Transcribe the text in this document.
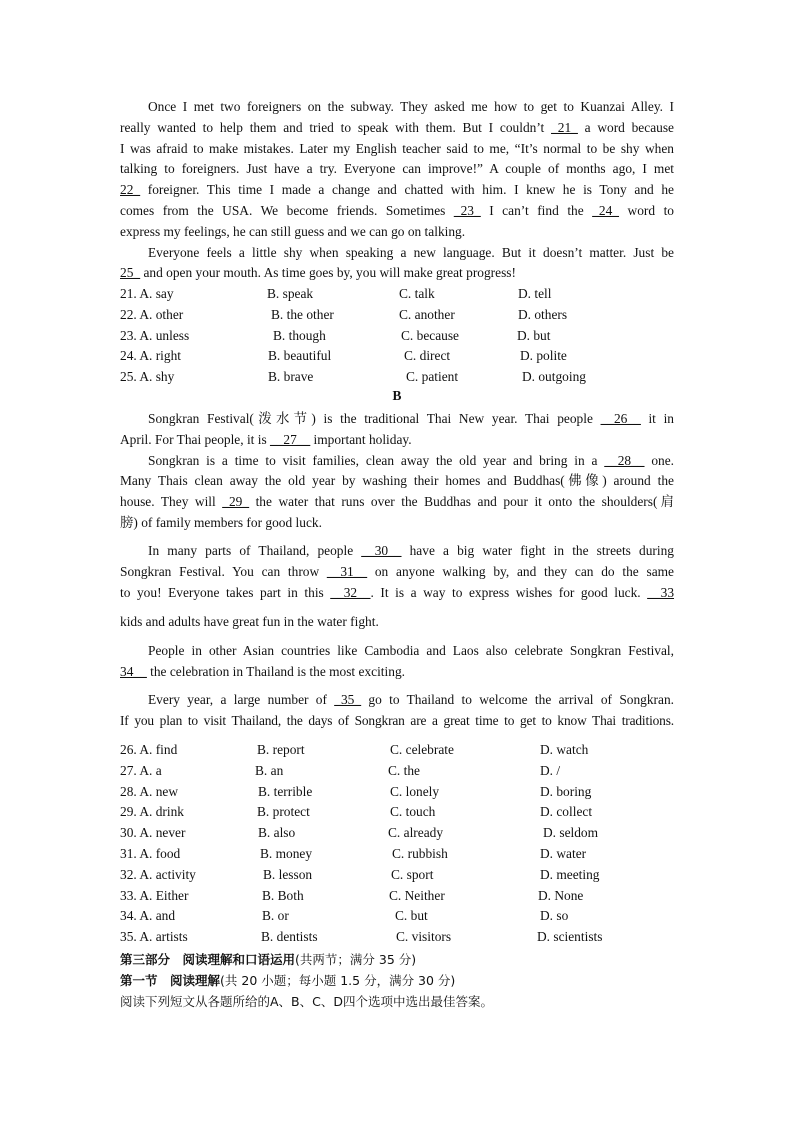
Once I met two foreigners on the subway. They asked me how to get to Kuanzai Alley. I
really wanted to help them and tried to speak with them. But I couldn’t _21_ a word because
I was afraid to make mistakes. Later my English teacher said to me, “It’s normal to be shy when
talking to foreigners. Just have a try. Everyone can improve!” A couple of months ago, I met
22_ foreigner. This time I made a change and chatted with him. I knew he is Tony and he
comes from the USA. We become friends. Sometimes _23_ I can’t find the _24_ word to
express my feelings, he can still guess and we can go on talking.
Everyone feels a little shy when speaking a new language. But it doesn’t matter. Just be
25_ and open your mouth. As time goes by, you will make great progress!
21. A. say	B. speak	C. talk	D. tell
22. A. other	B. the other	C. another	D. others
23. A. unless	B. though	C. because	D. but
24. A. right	B. beautiful	C. direct	D. polite
25. A. shy	B. brave	C. patient	D. outgoing
B
Songkran Festival(泼水节) is the traditional Thai New year. Thai people __26__ it in
April. For Thai people, it is __27__ important holiday.
Songkran is a time to visit families, clean away the old year and bring in a __28__ one.
Many Thais clean away the old year by washing their homes and Buddhas(佛像) around the
house. They will _29_ the water that runs over the Buddhas and pour it onto the shoulders(肩
膀) of family members for good luck.
In many parts of Thailand, people __30__ have a big water fight in the streets during
Songkran Festival. You can throw __31__ on anyone walking by, and they can do the same
to you! Everyone takes part in this __32__. It is a way to express wishes for good luck. __33
kids and adults have great fun in the water fight.
People in other Asian countries like Cambodia and Laos also celebrate Songkran Festival,
34__ the celebration in Thailand is the most exciting.
Every year, a large number of _35_ go to Thailand to welcome the arrival of Songkran.
If you plan to visit Thailand, the days of Songkran are a great time to get to know Thai traditions.
26. A. find	B. report	C. celebrate	D. watch
27. A. a	B. an	C. the	D. /
28. A. new	B. terrible	C. lonely	D. boring
29. A. drink	B. protect	C. touch	D. collect
30. A. never	B. also	C. already	D. seldom
31. A. food	B. money	C. rubbish	D. water
32. A. activity	B. lesson	C. sport	D. meeting
33. A. Either	B. Both	C. Neither	D. None
34. A. and	B. or	C. but	D. so
35. A. artists	B. dentists	C. visitors	D. scientists
第三部分　阅读理解和口语运用(共两节；满分 35 分)
第一节　阅读理解(共 20 小题；每小题 1.5 分，满分 30 分)
阅读下列短文从各题所给的A、B、C、D四个选项中选出最佳答案。
